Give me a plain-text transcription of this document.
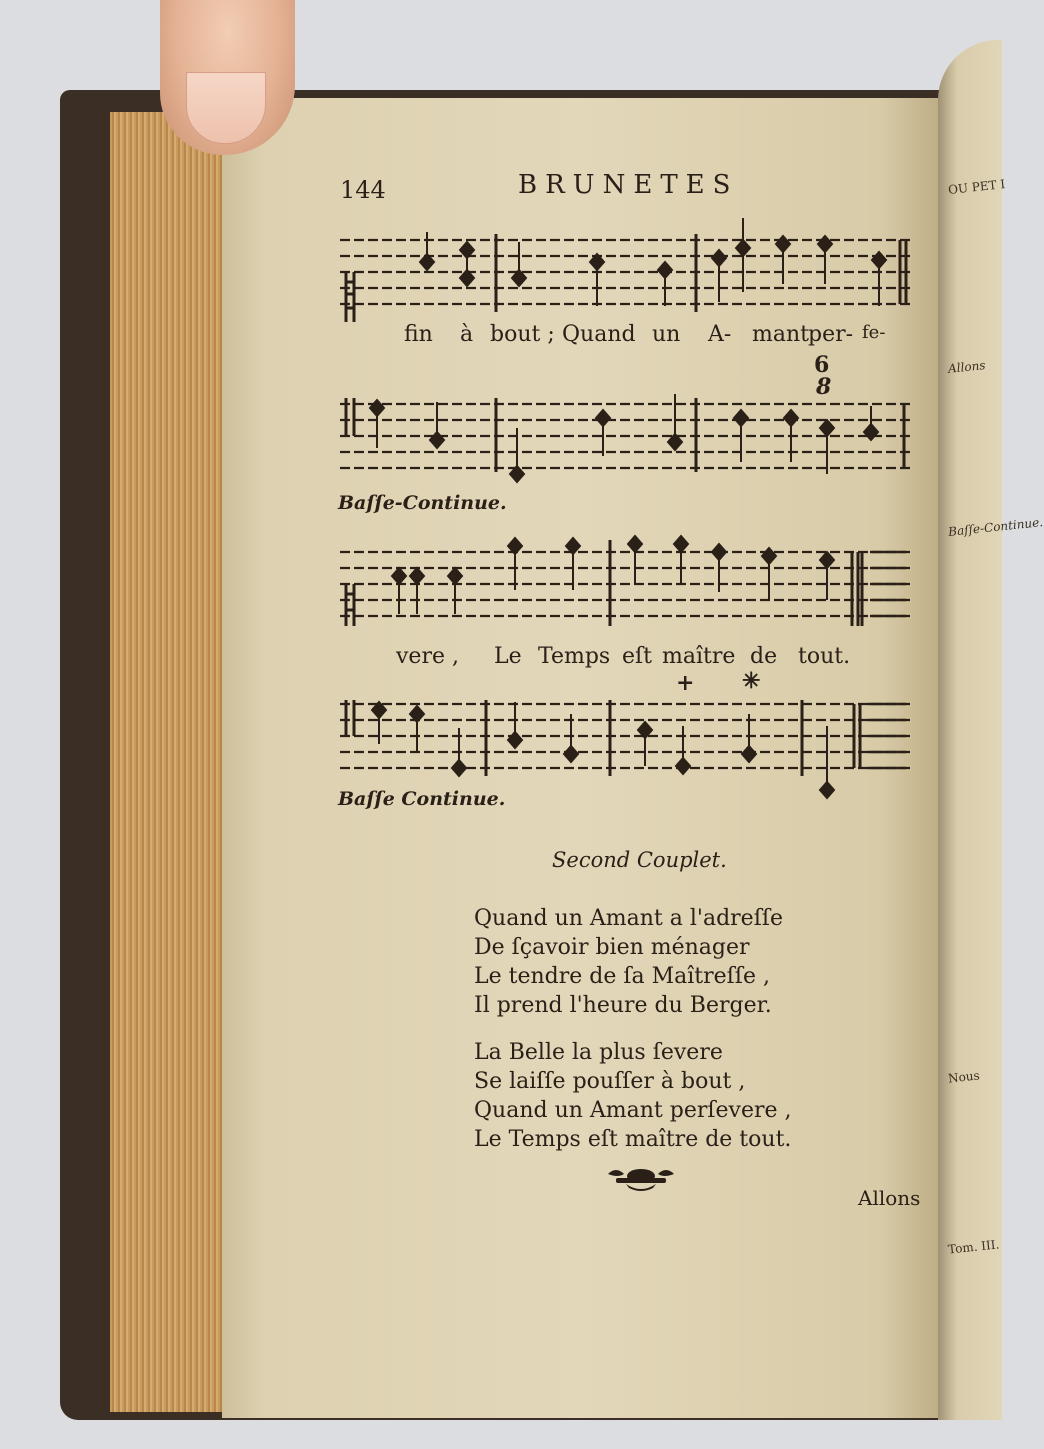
OU PET I
Allons
Baſſe-Continue.
Nous
Tom. III.
144	BRUNETES
fin à bout ; Quand un A- mant per- fe-
6
8
Baſſe-Continue.
vere , Le Temps eſt maître de tout.
+ ✳
Baſſe Continue.
Second Couplet.
Quand un Amant a l'adreſſe
De ſçavoir bien ménager
Le tendre de ſa Maîtreſſe ,
Il prend l'heure du Berger.
La Belle la plus ſevere
Se laiſſe pouſſer à bout ,
Quand un Amant perſevere ,
Le Temps eſt maître de tout.
Allons
